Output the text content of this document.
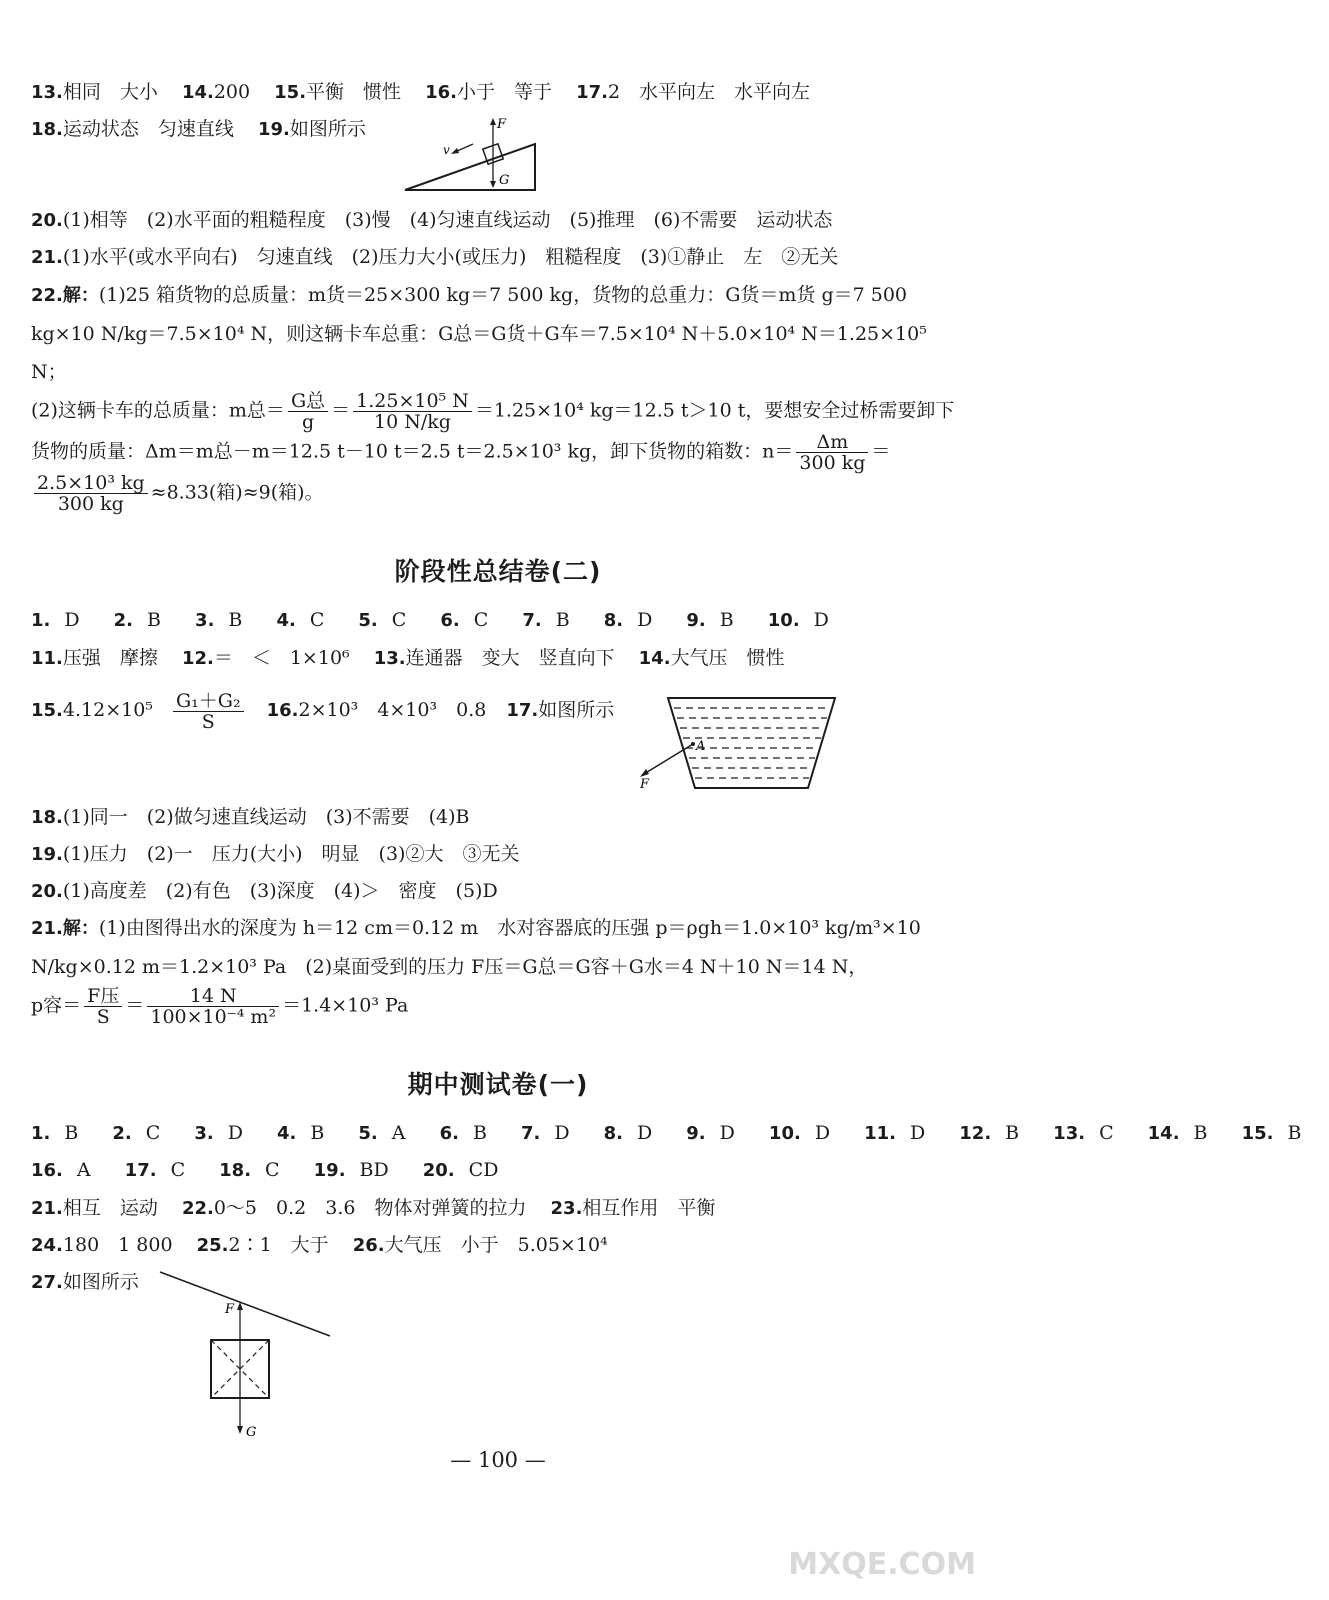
13.相同　大小 14.200 15.平衡　惯性 16.小于　等于 17.2　水平向左　水平向左
18.运动状态　匀速直线 19.如图所示	F
G
v
20.(1)相等　(2)水平面的粗糙程度　(3)慢　(4)匀速直线运动　(5)推理　(6)不需要　运动状态
21.(1)水平(或水平向右)　匀速直线　(2)压力大小(或压力)　粗糙程度　(3)①静止　左　②无关
22.解：(1)25 箱货物的总质量：m货＝25×300 kg＝7 500 kg，货物的总重力：G货＝m货 g＝7 500 kg×10 N/kg＝7.5×10⁴ N，则这辆卡车总重：G总＝G货＋G车＝7.5×10⁴ N＋5.0×10⁴ N＝1.25×10⁵ N；
(2)这辆卡车的总质量：m总＝ $\frac{\text{G总}}{g} = \frac{\text{1.25×10⁵ N}}{10 N/kg} =1.25\times 10^4$ kg＝12.5 t＞10 t，要想安全过桥需要卸下货物的质量：Δm＝m总－m＝12.5 t－10 t＝2.5 t＝2.5×10³ kg，卸下货物的箱数：$n= \frac{\Delta m}{300 kg}$ ＝
$\frac{\text{2.5×10³ kg}}{300 kg} \approx 8.33$(箱)≈9(箱)。
阶段性总结卷(二)
1. D 2. B 3. B 4. C 5. C 6. C 7. B 8. D 9. B 10. D
11.压强　摩擦 12.＝　＜　1×10⁶ 13.连通器　变大　竖直向下 14.大气压　惯性
$15.4.12\times 10^5 \frac{\text{G₁＋G₂}}{S} 16.2\times 10^3$　4×10³　0.8 17.如图所示
A
F
18.(1)同一　(2)做匀速直线运动　(3)不需要　(4)B
19.(1)压力　(2)一　压力(大小)　明显　(3)②大　③无关
20.(1)高度差　(2)有色　(3)深度　(4)＞　密度　(5)D
21.解：(1)由图得出水的深度为 h＝12 cm＝0.12 m　水对容器底的压强 p＝ρgh＝1.0×10³ kg/m³×10 N/kg×0.12 m＝1.2×10³ Pa　(2)桌面受到的压力 F压＝G总＝G容＋G水＝4 N＋10 N＝14 N，
p容＝ $\frac{\text{F压}}{S} = \frac{14 N}{\text{100×10⁻⁴ m²}} =1.4\times 10^3$ Pa
期中测试卷(一)
1. B 2. C 3. D 4. B 5. A 6. B 7. D 8. D 9. D 10. D 11. D 12. B 13. C 14. B 15. B
16. A 17. C 18. C 19. BD 20. CD
21.相互　运动 22.0～5　0.2　3.6　物体对弹簧的拉力 23.相互作用　平衡
24.180　1 800 25.2∶1　大于 26.大气压　小于　5.05×10⁴
27.如图所示
F
G
— 100 —
MXQE.COM
